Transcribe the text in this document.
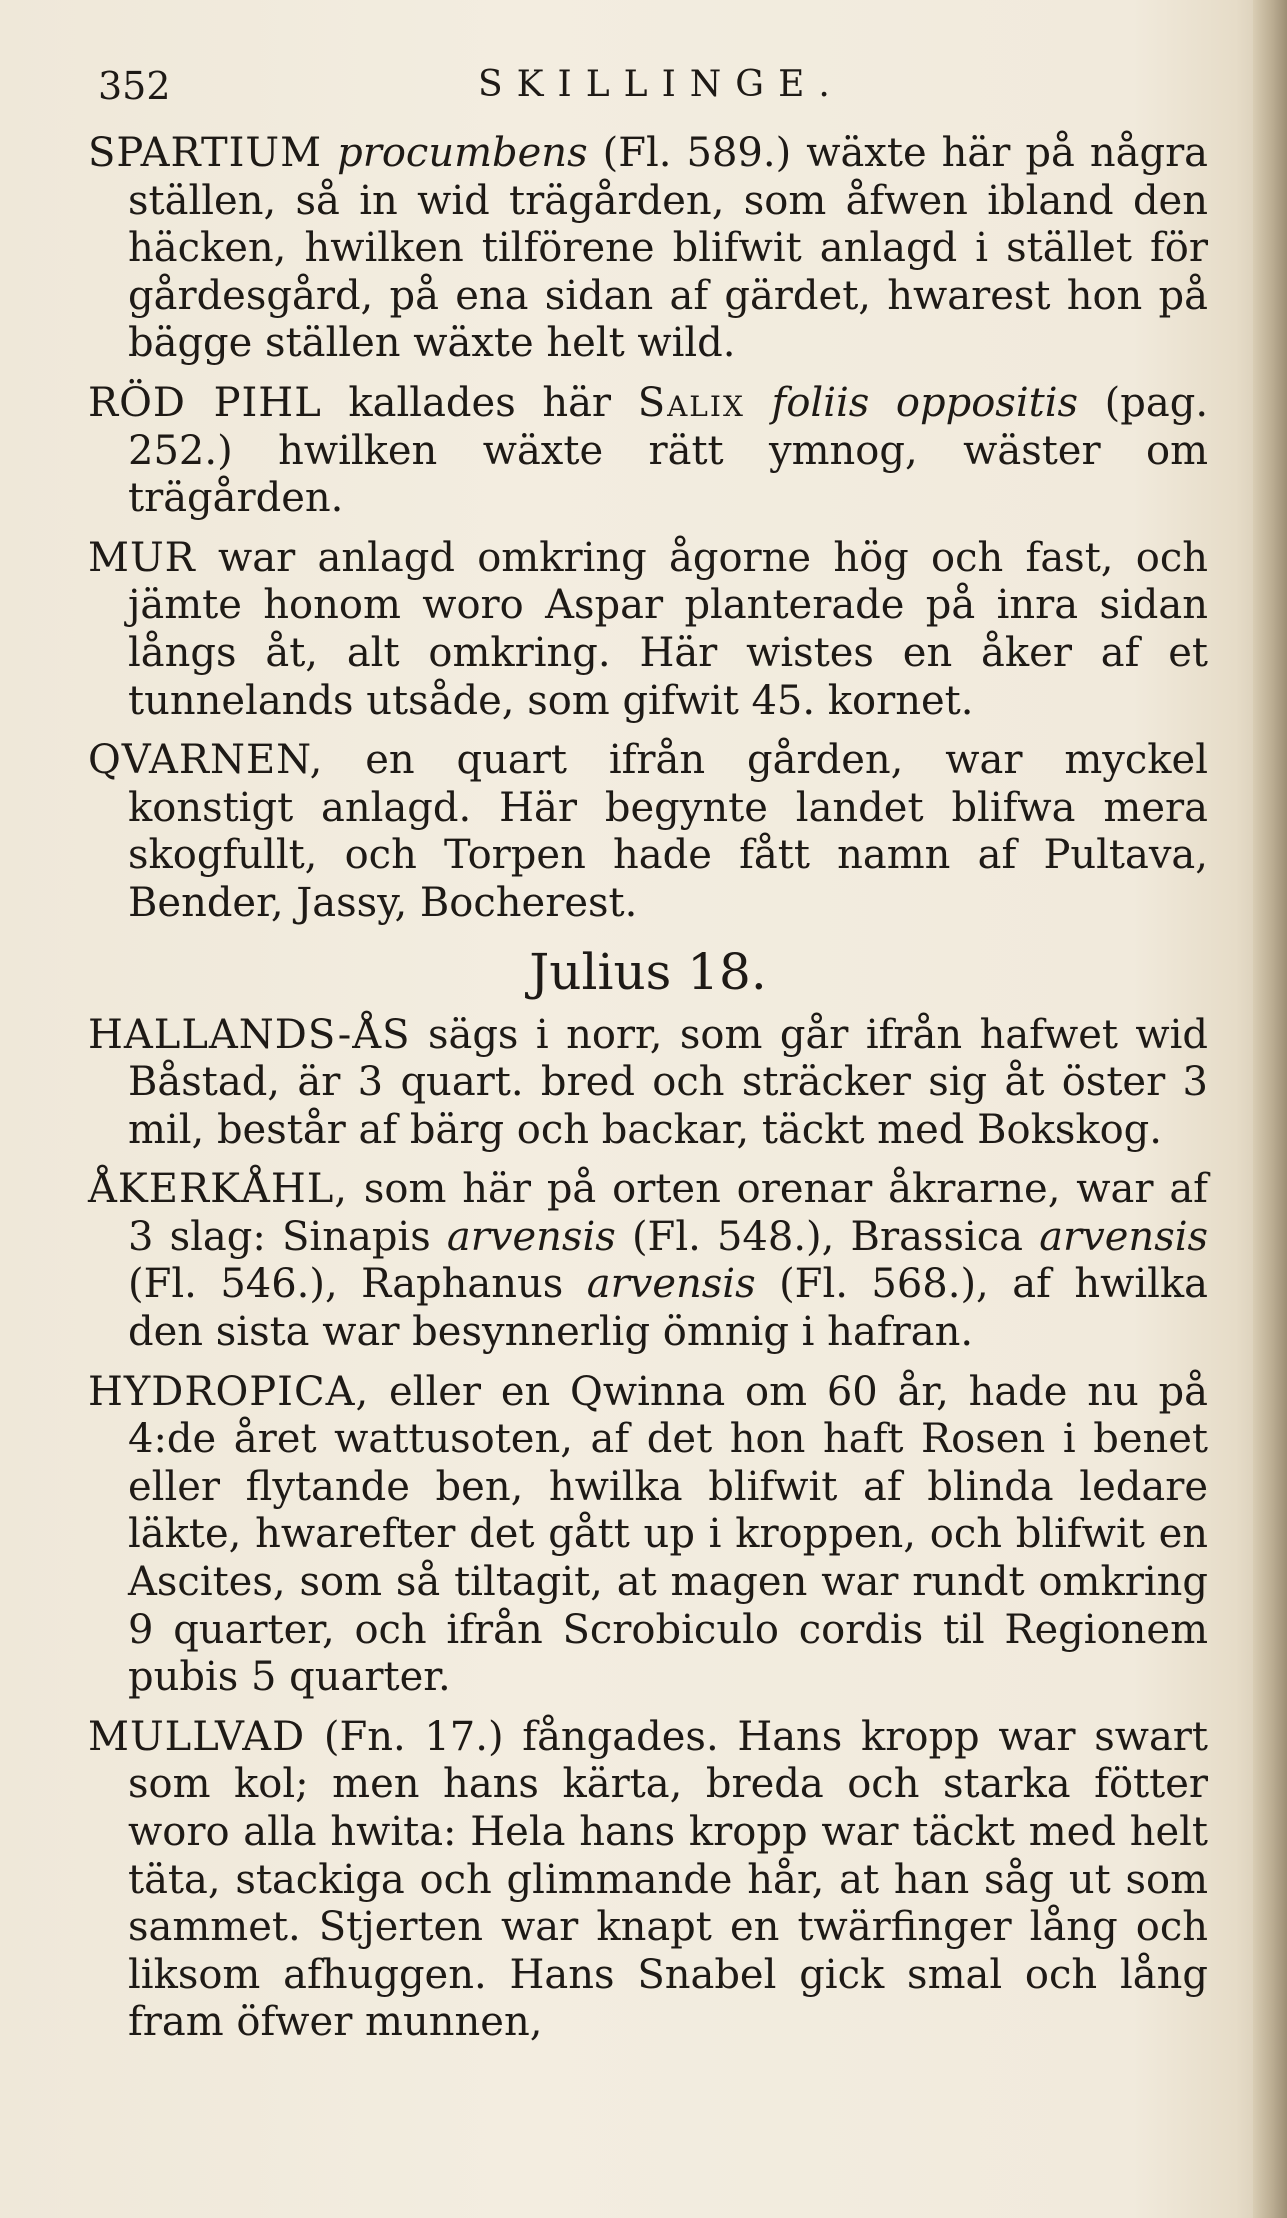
352	SKILLINGE.

SPARTIUM procumbens (Fl. 589.) wäxte här på några ställen, så in wid trägården, som åfwen ibland den häcken, hwilken tilförene blifwit anlagd i stället för gårdesgård, på ena sidan af gärdet, hwarest hon på bägge ställen wäxte helt wild.

RÖD PIHL kallades här Salix foliis oppositis (pag. 252.) hwilken wäxte rätt ymnog, wäster om trägården.

MUR war anlagd omkring ågorne hög och fast, och jämte honom woro Aspar planterade på inra sidan långs åt, alt omkring. Här wistes en åker af et tunnelands utsåde, som gifwit 45. kornet.

QVARNEN, en quart ifrån gården, war myckel konstigt anlagd. Här begynte landet blifwa mera skogfullt, och Torpen hade fått namn af Pultava, Bender, Jassy, Bocherest.

Julius 18.

HALLANDS-ÅS sägs i norr, som går ifrån hafwet wid Båstad, är 3 quart. bred och sträcker sig åt öster 3 mil, består af bärg och backar, täckt med Bokskog.

ÅKERKÅHL, som här på orten orenar åkrarne, war af 3 slag: Sinapis arvensis (Fl. 548.), Brassica arvensis (Fl. 546.), Raphanus arvensis (Fl. 568.), af hwilka den sista war besynnerlig ömnig i hafran.

HYDROPICA, eller en Qwinna om 60 år, hade nu på 4:de året wattusoten, af det hon haft Rosen i benet eller flytande ben, hwilka blifwit af blinda ledare läkte, hwarefter det gått up i kroppen, och blifwit en Ascites, som så tiltagit, at magen war rundt omkring 9 quarter, och ifrån Scrobiculo cordis til Regionem pubis 5 quarter.

MULLVAD (Fn. 17.) fångades. Hans kropp war swart som kol; men hans kärta, breda och starka fötter woro alla hwita: Hela hans kropp war täckt med helt täta, stackiga och glimmande hår, at han såg ut som sammet. Stjerten war knapt en twärfinger lång och liksom afhuggen. Hans Snabel gick smal och lång fram öfwer munnen,
